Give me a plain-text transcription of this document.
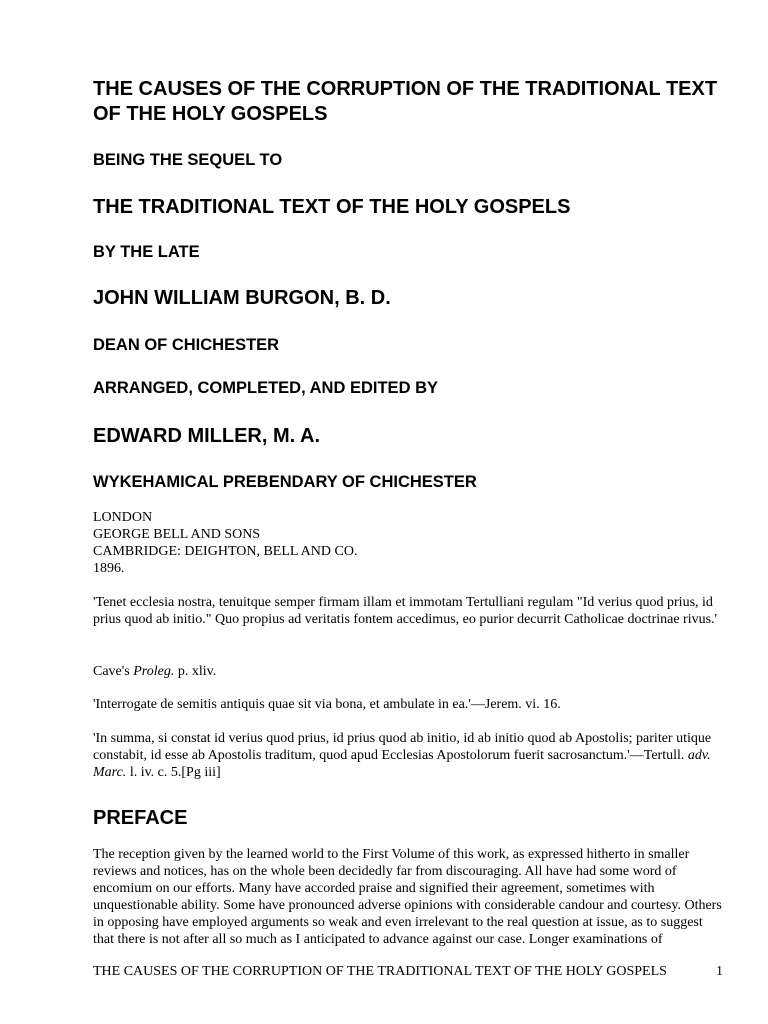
THE CAUSES OF THE CORRUPTION OF THE TRADITIONAL TEXT OF THE HOLY GOSPELS
BEING THE SEQUEL TO
THE TRADITIONAL TEXT OF THE HOLY GOSPELS
BY THE LATE
JOHN WILLIAM BURGON, B. D.
DEAN OF CHICHESTER
ARRANGED, COMPLETED, AND EDITED BY
EDWARD MILLER, M. A.
WYKEHAMICAL PREBENDARY OF CHICHESTER
LONDON
GEORGE BELL AND SONS
CAMBRIDGE: DEIGHTON, BELL AND CO.
1896.

'Tenet ecclesia nostra, tenuitque semper firmam illam et immotam Tertulliani regulam "Id verius quod prius, id prius quod ab initio." Quo propius ad veritatis fontem accedimus, eo purior decurrit Catholicae doctrinae rivus.'

Cave's Proleg. p. xliv.

'Interrogate de semitis antiquis quae sit via bona, et ambulate in ea.'—Jerem. vi. 16.

'In summa, si constat id verius quod prius, id prius quod ab initio, id ab initio quod ab Apostolis; pariter utique constabit, id esse ab Apostolis traditum, quod apud Ecclesias Apostolorum fuerit sacrosanctum.'—Tertull. adv. Marc. l. iv. c. 5.[Pg iii]

PREFACE

The reception given by the learned world to the First Volume of this work, as expressed hitherto in smaller reviews and notices, has on the whole been decidedly far from discouraging. All have had some word of encomium on our efforts. Many have accorded praise and signified their agreement, sometimes with unquestionable ability. Some have pronounced adverse opinions with considerable candour and courtesy. Others in opposing have employed arguments so weak and even irrelevant to the real question at issue, as to suggest that there is not after all so much as I anticipated to advance against our case. Longer examinations of

THE CAUSES OF THE CORRUPTION OF THE TRADITIONAL TEXT OF THE HOLY GOSPELS	1
